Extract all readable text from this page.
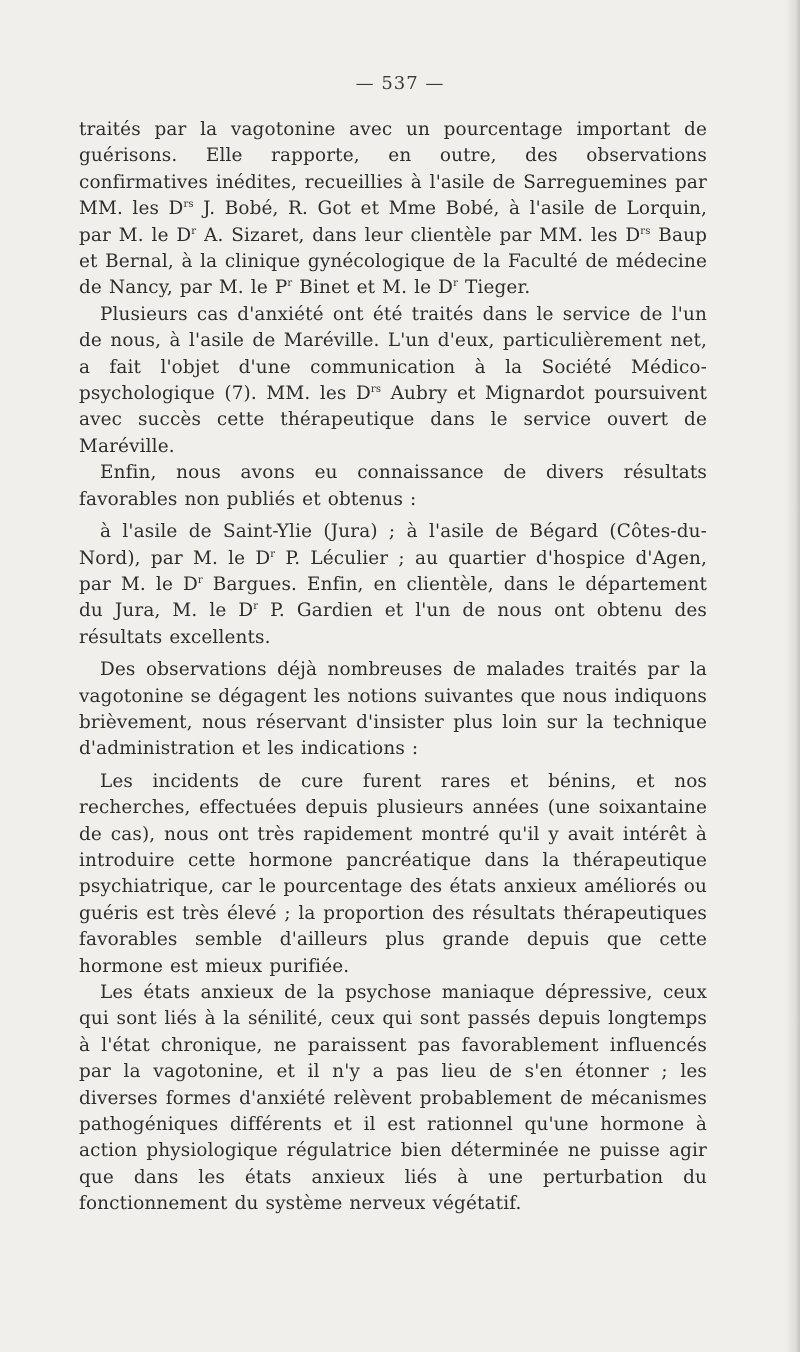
— 537 —

traités par la vagotonine avec un pourcentage important de guérisons. Elle rapporte, en outre, des observations confirmatives inédites, recueillies à l'asile de Sarreguemines par MM. les $D^{rs}$ J. Bobé, R. Got et Mme Bobé, à l'asile de Lorquin, par M. le $D^r$ A. Sizaret, dans leur clientèle par MM. les $D^{rs}$ Baup et Bernal, à la clinique gynécologique de la Faculté de médecine de Nancy, par M. le $P^r$ Binet et M. le $D^r$ Tieger.

Plusieurs cas d'anxiété ont été traités dans le service de l'un de nous, à l'asile de Maréville. L'un d'eux, particulièrement net, a fait l'objet d'une communication à la Société Médico-psychologique (7). MM. les $D^{rs}$ Aubry et Mignardot poursuivent avec succès cette thérapeutique dans le service ouvert de Maréville.

Enfin, nous avons eu connaissance de divers résultats favorables non publiés et obtenus :

à l'asile de Saint-Ylie (Jura) ; à l'asile de Bégard (Côtes-du-Nord), par M. le $D^r$ P. Léculier ; au quartier d'hospice d'Agen, par M. le $D^r$ Bargues. Enfin, en clientèle, dans le département du Jura, M. le $D^r$ P. Gardien et l'un de nous ont obtenu des résultats excellents.

Des observations déjà nombreuses de malades traités par la vagotonine se dégagent les notions suivantes que nous indiquons brièvement, nous réservant d'insister plus loin sur la technique d'administration et les indications :

Les incidents de cure furent rares et bénins, et nos recherches, effectuées depuis plusieurs années (une soixantaine de cas), nous ont très rapidement montré qu'il y avait intérêt à introduire cette hormone pancréatique dans la thérapeutique psychiatrique, car le pourcentage des états anxieux améliorés ou guéris est très élevé ; la proportion des résultats thérapeutiques favorables semble d'ailleurs plus grande depuis que cette hormone est mieux purifiée.

Les états anxieux de la psychose maniaque dépressive, ceux qui sont liés à la sénilité, ceux qui sont passés depuis longtemps à l'état chronique, ne paraissent pas favorablement influencés par la vagotonine, et il n'y a pas lieu de s'en étonner ; les diverses formes d'anxiété relèvent probablement de mécanismes pathogéniques différents et il est rationnel qu'une hormone à action physiologique régulatrice bien déterminée ne puisse agir que dans les états anxieux liés à une perturbation du fonctionnement du système nerveux végétatif.
